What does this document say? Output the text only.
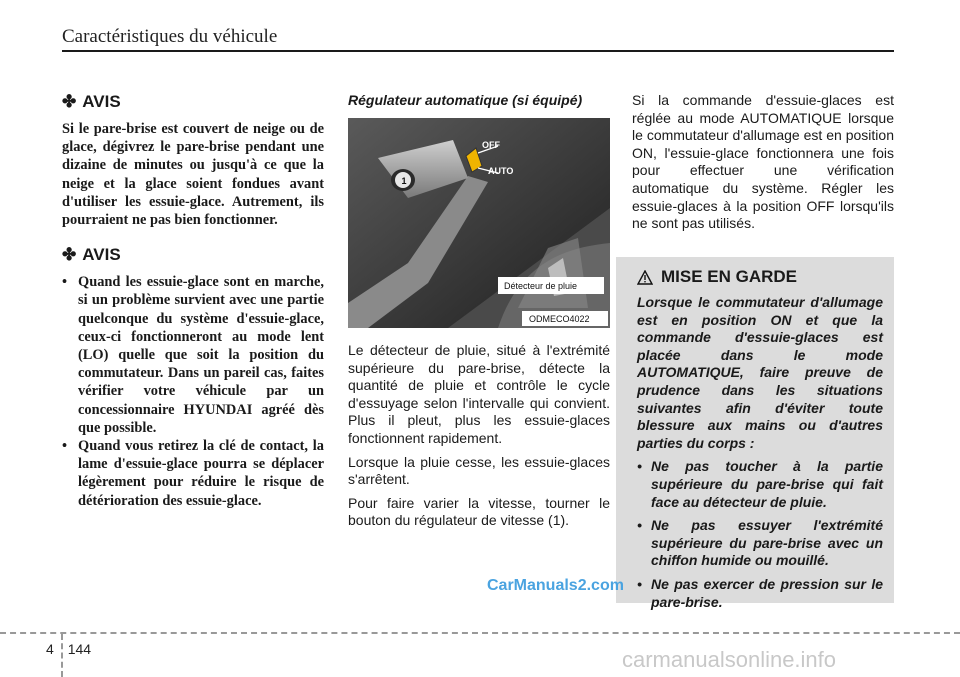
Caractéristiques du véhicule
✤ AVIS

Si le pare-brise est couvert de neige ou de glace, dégivrez le pare-brise pendant une dizaine de minutes ou jusqu'à ce que la neige et la glace soient fondues avant d'utiliser les essuie-glace. Autrement, ils pourraient ne pas bien fonctionner.

✤ AVIS
• Quand les essuie-glace sont en marche, si un problème survient avec une partie quelconque du système d'essuie-glace, ceux-ci fonctionneront au mode lent (LO) quelle que soit la position du commutateur. Dans un pareil cas, faites vérifier votre véhicule par un concessionnaire HYUNDAI agréé dès que possible.
• Quand vous retirez la clé de contact, la lame d'essuie-glace pourra se déplacer légèrement pour réduire le risque de détérioration des essuie-glace.
Régulateur automatique (si équipé)
1
OFF
AUTO
Détecteur de pluie
ODMECO4022

Le détecteur de pluie, situé à l'extrémité supérieure du pare-brise, détecte la quantité de pluie et contrôle le cycle d'essuyage selon l'intervalle qui convient. Plus il pleut, plus les essuie-glaces fonctionnent rapidement.

Lorsque la pluie cesse, les essuie-glaces s'arrêtent.

Pour faire varier la vitesse, tourner le bouton du régulateur de vitesse (1).

Si la commande d'essuie-glaces est réglée au mode AUTOMATIQUE lorsque le commutateur d'allumage est en position ON, l'essuie-glace fonctionnera une fois pour effectuer une vérification automatique du système. Régler les essuie-glaces à la position OFF lorsqu'ils ne sont pas utilisés.

MISE EN GARDE

Lorsque le commutateur d'allumage est en position ON et que la commande d'essuie-glaces est placée dans le mode AUTOMATIQUE, faire preuve de prudence dans les situations suivantes afin d'éviter toute blessure aux mains ou d'autres parties du corps :

• Ne pas toucher à la partie supérieure du pare-brise qui fait face au détecteur de pluie.
• Ne pas essuyer l'extrémité supérieure du pare-brise avec un chiffon humide ou mouillé.
• Ne pas exercer de pression sur le pare-brise.
CarManuals2.com
4 144	carmanualsonline.info
